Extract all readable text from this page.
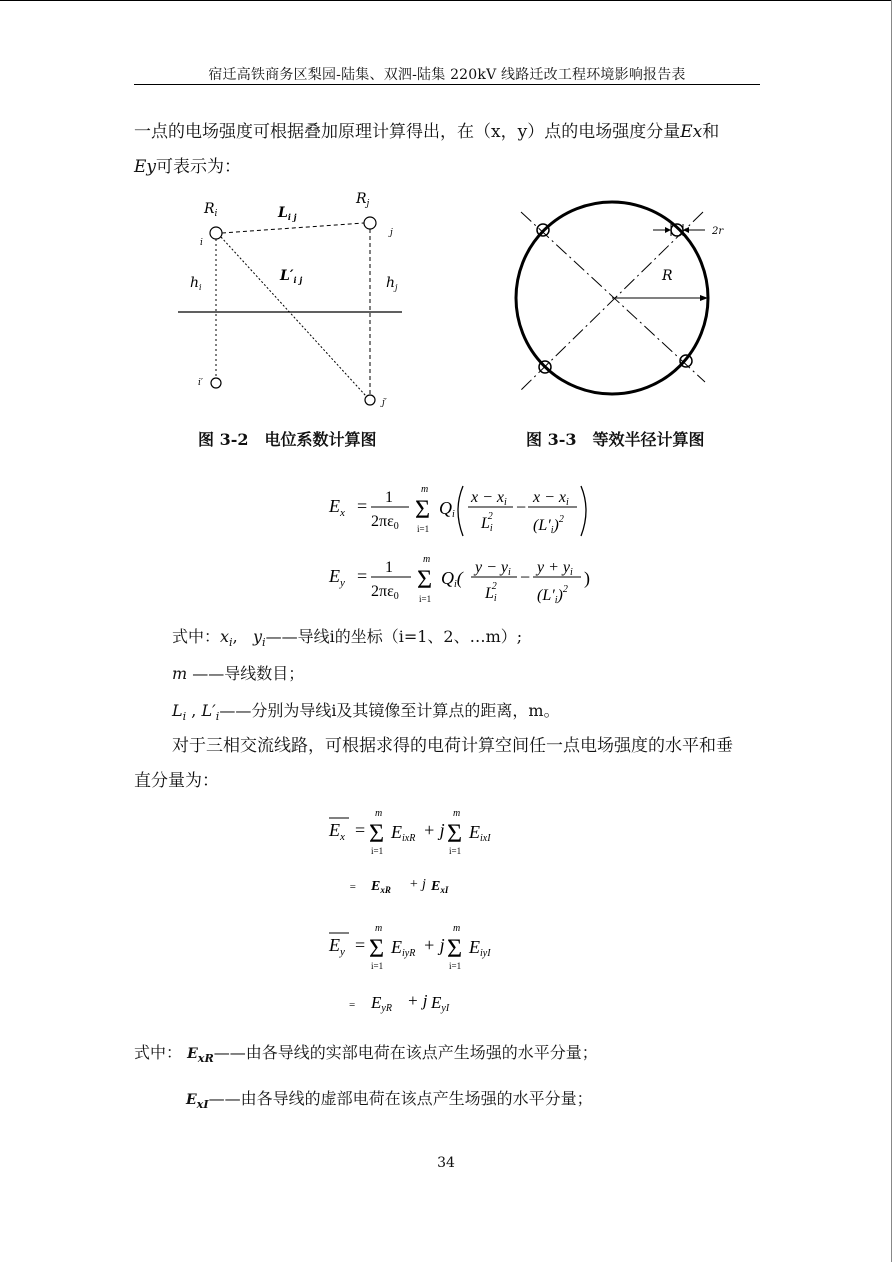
宿迁高铁商务区梨园-陆集、双泗-陆集 220kV 线路迁改工程环境影响报告表
一点的电场强度可根据叠加原理计算得出，在（x，y）点的电场强度分量Ex和
Ey可表示为：
$R_i$
$R_j$
$L_{i j}$
$L'_{i j}$
$h_i$	$h_j$
i
j
i′
j′
图 3-2　电位系数计算图
2r
R
图 3-3　等效半径计算图
$E_x = 1$
2πε0
Σ
m
i=1
Qi
x − xi
Li2 − x − xi
$(L'i)^2$
$E_y = 1$
2πε0
Σ
m
i=1
Qi(
y − yi
Li2 − y + yi
$(L'i)^2$
)
式中：$x_i$,   $y_i——$导线i的坐标（i=1、2、…m）;
m ——导线数目；
$L_i$ , $L'_i——$分别为导线i及其镜像至计算点的距离，m。
对于三相交流线路，可根据求得的电荷计算空间任一点电场强度的水平和垂
直分量为：
$E_x = \Sigma$
m
i=1
EixR + j Σ
m
i=1
EixI
= $E_{xR} + j$ $E_{xI}$
$E_y = \Sigma$
m
i=1
EiyR + j Σ
m
i=1
EiyI
= EyR + j EyI
式中： $E_{xR}——$由各导线的实部电荷在该点产生场强的水平分量；
$E_{xI}——$由各导线的虚部电荷在该点产生场强的水平分量；
34
